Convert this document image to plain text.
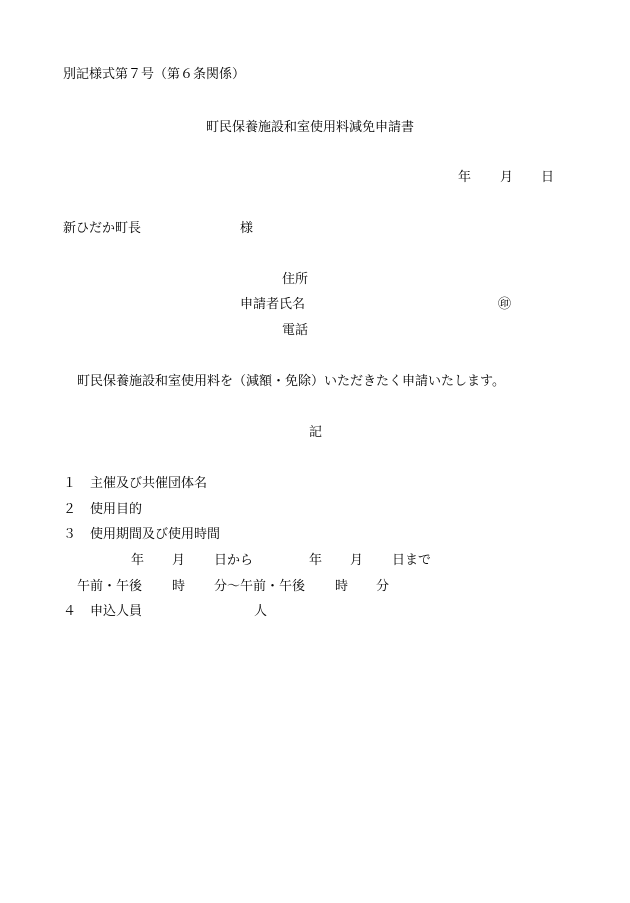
別記様式第７号（第６条関係）
町民保養施設和室使用料減免申請書
年 月 日
新ひだか町長	様
住所
申請者氏名	㊞
電話
町民保養施設和室使用料を（減額・免除）いただきたく申請いたします。
記
１ 主催及び共催団体名
２ 使用目的
３ 使用期間及び使用時間
年 月 日から	年 月 日まで
午前・午後 時 分～午前・午後 時 分
４ 申込人員	人
